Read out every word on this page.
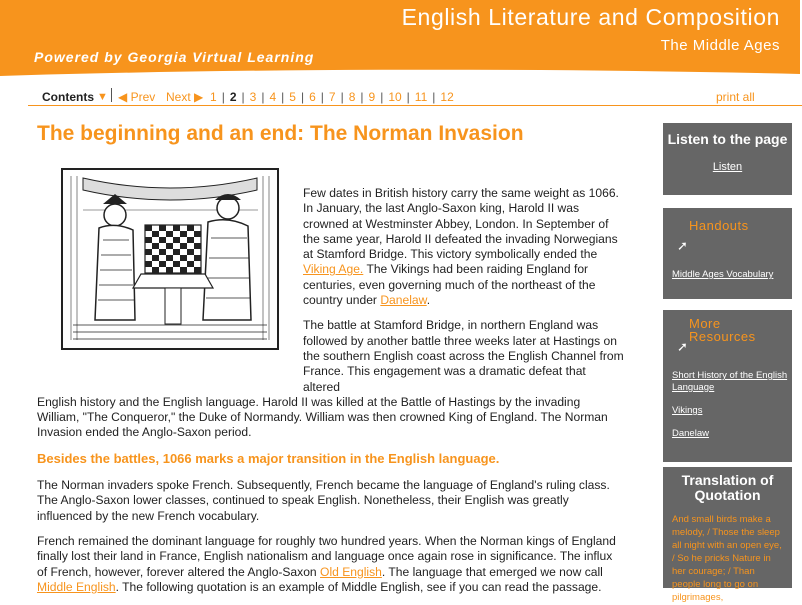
English Literature and Composition
The Middle Ages
Powered by Georgia Virtual Learning
Contents ▼ ◀ Prev Next ▶ 1 | 2 | 3 | 4 | 5 | 6 | 7 | 8 | 9 | 10 | 11 | 12	print all
The beginning and an end: The Norman Invasion

Few dates in British history carry the same weight as 1066. In January, the last Anglo-Saxon king, Harold II was crowned at Westminster Abbey, London. In September of the same year, Harold II defeated the invading Norwegians at Stamford Bridge. This victory symbolically ended the Viking Age. The Vikings had been raiding England for centuries, even governing much of the northeast of the country under Danelaw.

The battle at Stamford Bridge, in northern England was followed by another battle three weeks later at Hastings on the southern English coast across the English Channel from France. This engagement was a dramatic defeat that altered
English history and the English language. Harold II was killed at the Battle of Hastings by the invading William, "The Conqueror," the Duke of Normandy. William was then crowned King of England. The Norman Invasion ended the Anglo-Saxon period.

Besides the battles, 1066 marks a major transition in the English language.

The Norman invaders spoke French. Subsequently, French became the language of England's ruling class. The Anglo-Saxon lower classes, continued to speak English. Nonetheless, their English was greatly influenced by the new French vocabulary.

French remained the dominant language for roughly two hundred years. When the Norman kings of England finally lost their land in France, English nationalism and language once again rose in significance. The influx of French, however, forever altered the Anglo-Saxon Old English. The language that emerged we now call Middle English. The following quotation is an example of Middle English, see if you can read the passage.

Listen to the page
Listen
Handouts
➚
Middle Ages Vocabulary
More Resources
➚
Short History of the English Language
Vikings
Danelaw
Translation of Quotation
And small birds make a melody, / Those the sleep all night with an open eye, / So he pricks Nature in her courage; / Than people long to go on pilgrimages,
